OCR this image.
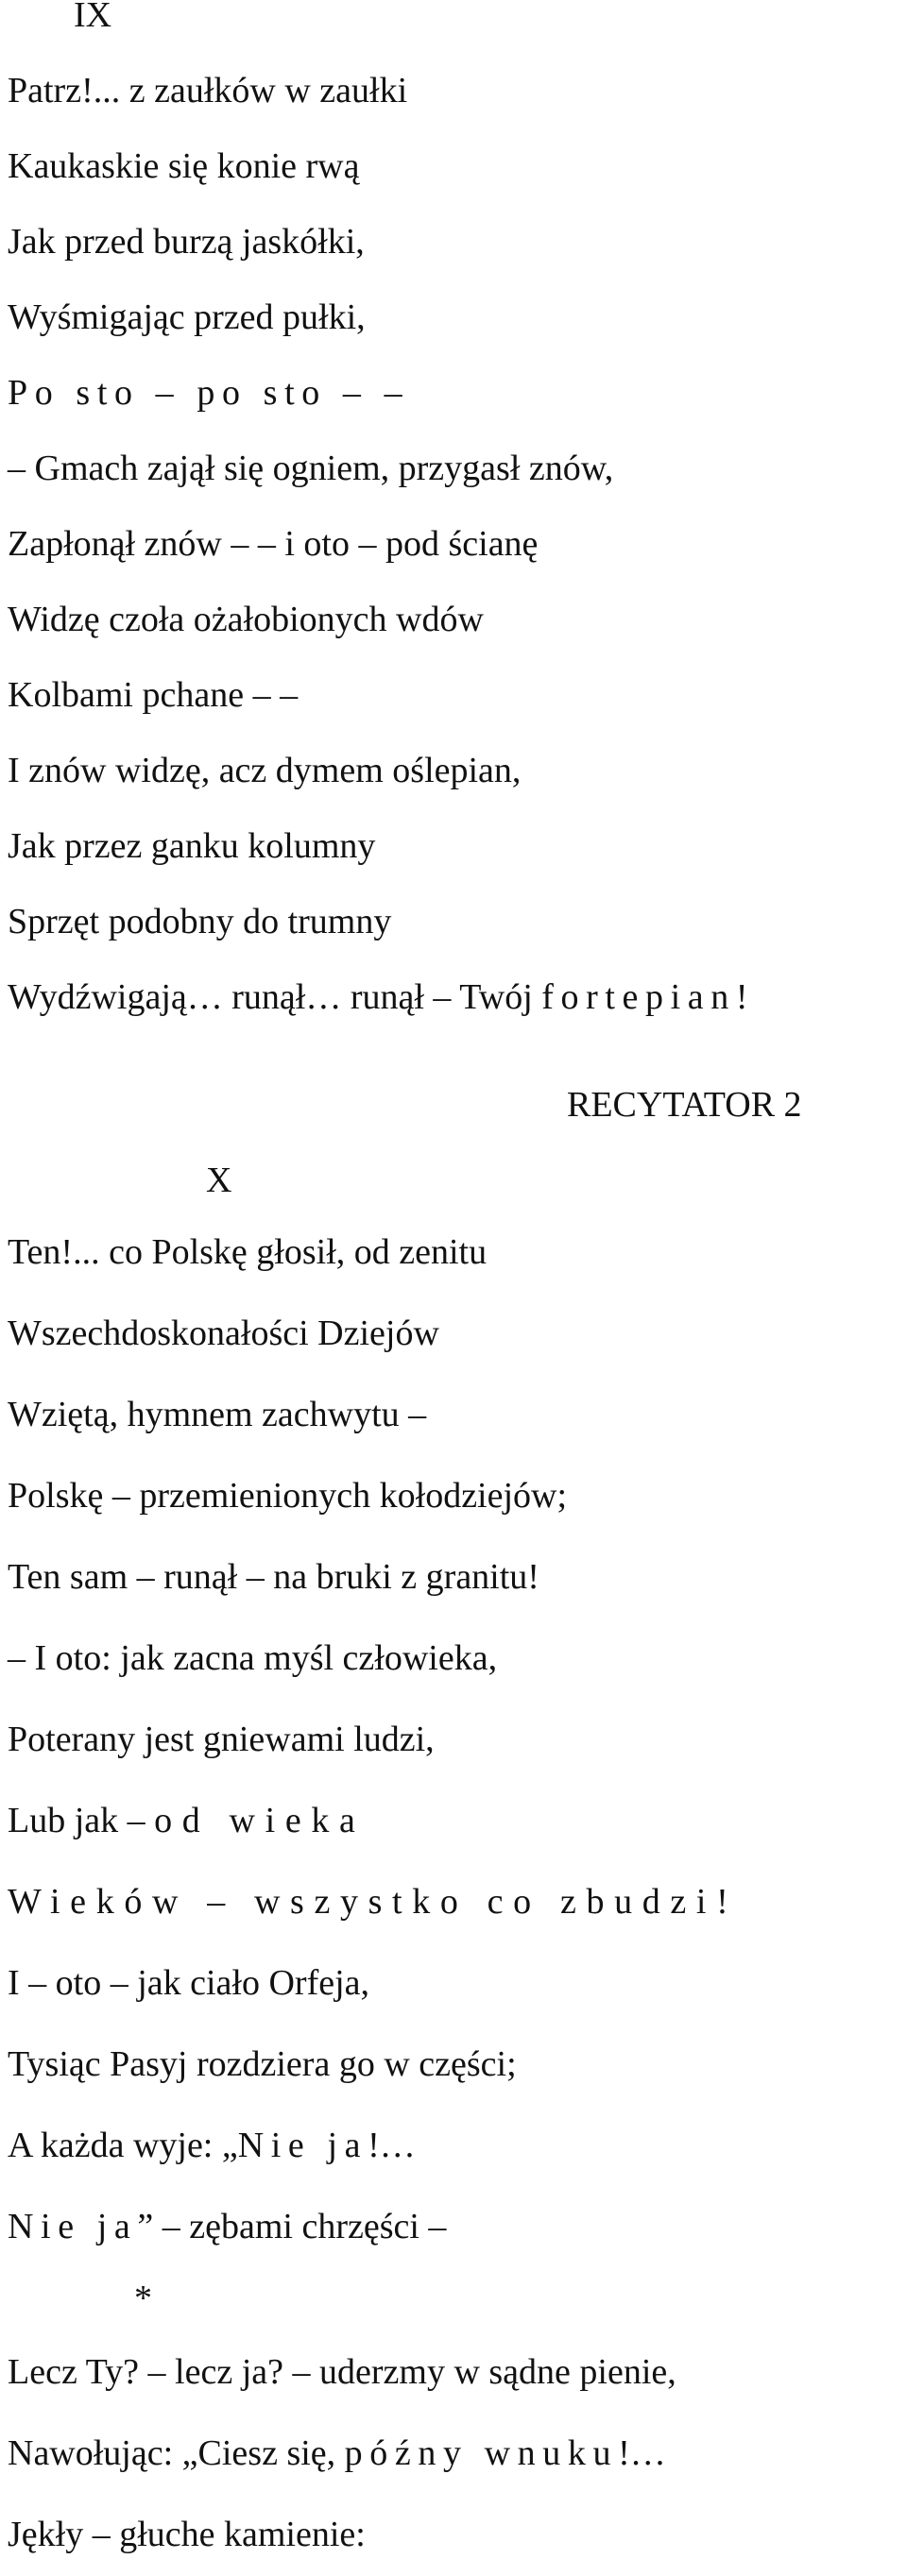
IX
Patrz!... z zaułków w zaułki
Kaukaskie się konie rwą
Jak przed burzą jaskółki,
Wyśmigając przed pułki,
Po sto – po sto – –
– Gmach zajął się ogniem, przygasł znów,
Zapłonął znów – – i oto – pod ścianę
Widzę czoła ożałobionych wdów
Kolbami pchane – –
I znów widzę, acz dymem oślepian,
Jak przez ganku kolumny
Sprzęt podobny do trumny
Wydźwigają… runął… runął – Twój fortepian!
RECYTATOR 2
X
Ten!... co Polskę głosił, od zenitu
Wszechdoskonałości Dziejów
Wziętą, hymnem zachwytu –
Polskę – przemienionych kołodziejów;
Ten sam – runął – na bruki z granitu!
– I oto: jak zacna myśl człowieka,
Poterany jest gniewami ludzi,
Lub jak – od wieka
Wieków – wszystko co zbudzi!
I – oto – jak ciało Orfeja,
Tysiąc Pasyj rozdziera go w części;
A każda wyje: „Nie ja!…
Nie ja” – zębami chrzęści –
*
Lecz Ty? – lecz ja? – uderzmy w sądne pienie,
Nawołując: „Ciesz się, późny wnuku!…
Jękły – głuche kamienie:
